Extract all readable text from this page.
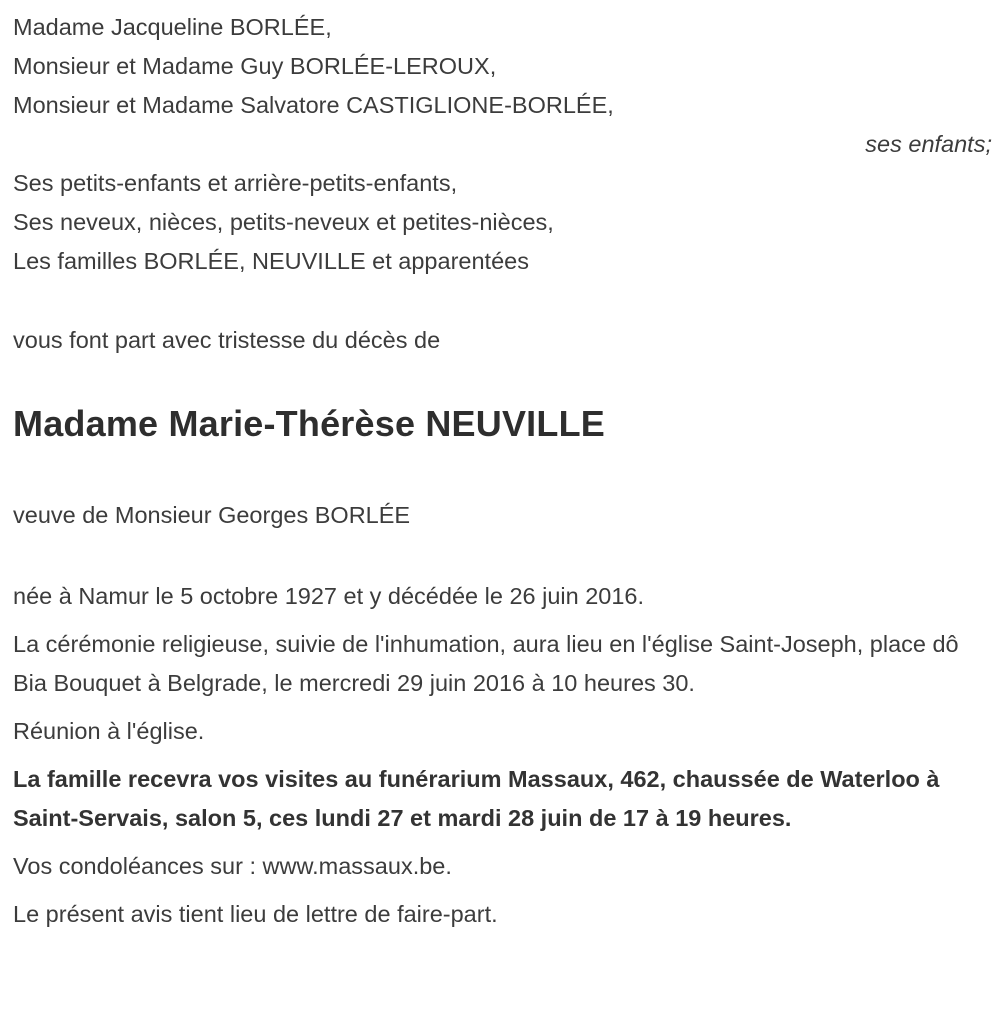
Madame Jacqueline BORLÉE,

Monsieur et Madame Guy BORLÉE-LEROUX,

Monsieur et Madame Salvatore CASTIGLIONE-BORLÉE,

ses enfants;

Ses petits-enfants et arrière-petits-enfants,

Ses neveux, nièces, petits-neveux et petites-nièces,

Les familles BORLÉE, NEUVILLE et apparentées

vous font part avec tristesse du décès de

Madame Marie-Thérèse NEUVILLE

veuve de Monsieur Georges BORLÉE

née à Namur le 5 octobre 1927 et y décédée le 26 juin 2016.

La cérémonie religieuse, suivie de l'inhumation, aura lieu en l'église Saint-Joseph, place dô Bia Bouquet à Belgrade, le mercredi 29 juin 2016 à 10 heures 30.

Réunion à l'église.

La famille recevra vos visites au funérarium Massaux, 462, chaussée de Waterloo à Saint-Servais, salon 5, ces lundi 27 et mardi 28 juin de 17 à 19 heures.

Vos condoléances sur : www.massaux.be.

Le présent avis tient lieu de lettre de faire-part.
